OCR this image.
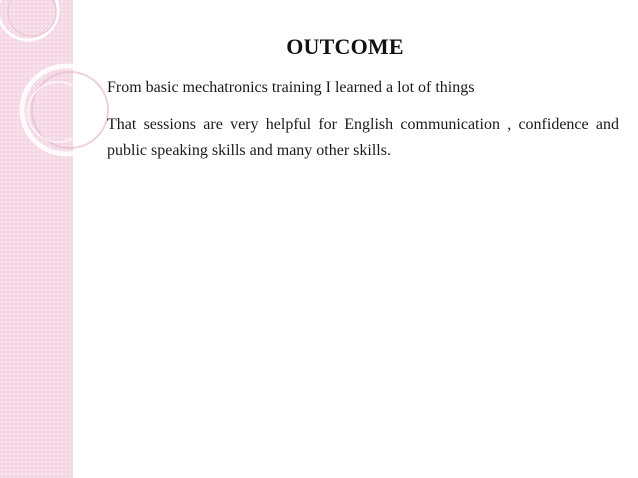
OUTCOME
From basic mechatronics training I learned a lot of things
That sessions are very helpful for English communication , confidence and public speaking skills and many other skills.
